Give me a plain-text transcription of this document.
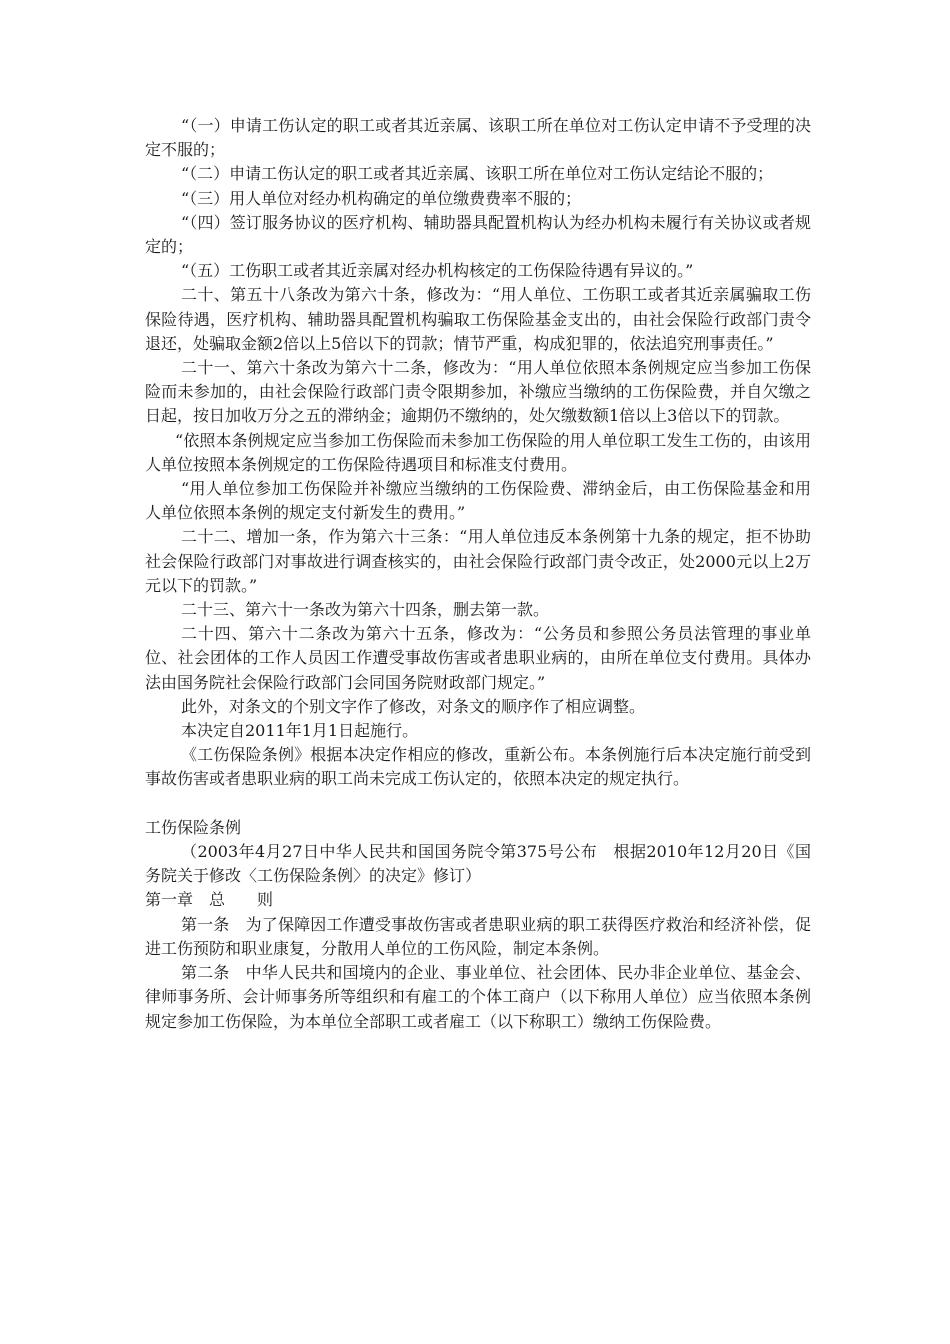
“（一）申请工伤认定的职工或者其近亲属、该职工所在单位对工伤认定申请不予受理的决定不服的；

“（二）申请工伤认定的职工或者其近亲属、该职工所在单位对工伤认定结论不服的；

“（三）用人单位对经办机构确定的单位缴费费率不服的；

“（四）签订服务协议的医疗机构、辅助器具配置机构认为经办机构未履行有关协议或者规定的；

“（五）工伤职工或者其近亲属对经办机构核定的工伤保险待遇有异议的。”

二十、第五十八条改为第六十条，修改为：“用人单位、工伤职工或者其近亲属骗取工伤保险待遇，医疗机构、辅助器具配置机构骗取工伤保险基金支出的，由社会保险行政部门责令退还，处骗取金额2倍以上5倍以下的罚款；情节严重，构成犯罪的，依法追究刑事责任。”

二十一、第六十条改为第六十二条，修改为：“用人单位依照本条例规定应当参加工伤保险而未参加的，由社会保险行政部门责令限期参加，补缴应当缴纳的工伤保险费，并自欠缴之日起，按日加收万分之五的滞纳金；逾期仍不缴纳的，处欠缴数额1倍以上3倍以下的罚款。

“依照本条例规定应当参加工伤保险而未参加工伤保险的用人单位职工发生工伤的，由该用人单位按照本条例规定的工伤保险待遇项目和标准支付费用。

“用人单位参加工伤保险并补缴应当缴纳的工伤保险费、滞纳金后，由工伤保险基金和用人单位依照本条例的规定支付新发生的费用。”

二十二、增加一条，作为第六十三条：“用人单位违反本条例第十九条的规定，拒不协助社会保险行政部门对事故进行调查核实的，由社会保险行政部门责令改正，处2000元以上2万元以下的罚款。”

二十三、第六十一条改为第六十四条，删去第一款。

二十四、第六十二条改为第六十五条，修改为：“公务员和参照公务员法管理的事业单位、社会团体的工作人员因工作遭受事故伤害或者患职业病的，由所在单位支付费用。具体办法由国务院社会保险行政部门会同国务院财政部门规定。”

此外，对条文的个别文字作了修改，对条文的顺序作了相应调整。

本决定自2011年1月1日起施行。

《工伤保险条例》根据本决定作相应的修改，重新公布。本条例施行后本决定施行前受到事故伤害或者患职业病的职工尚未完成工伤认定的，依照本决定的规定执行。

工伤保险条例

（2003年4月27日中华人民共和国国务院令第375号公布　根据2010年12月20日《国务院关于修改〈工伤保险条例〉的决定》修订）

第一章　总　　则

第一条　为了保障因工作遭受事故伤害或者患职业病的职工获得医疗救治和经济补偿，促进工伤预防和职业康复，分散用人单位的工伤风险，制定本条例。

第二条　中华人民共和国境内的企业、事业单位、社会团体、民办非企业单位、基金会、律师事务所、会计师事务所等组织和有雇工的个体工商户（以下称用人单位）应当依照本条例规定参加工伤保险，为本单位全部职工或者雇工（以下称职工）缴纳工伤保险费。
